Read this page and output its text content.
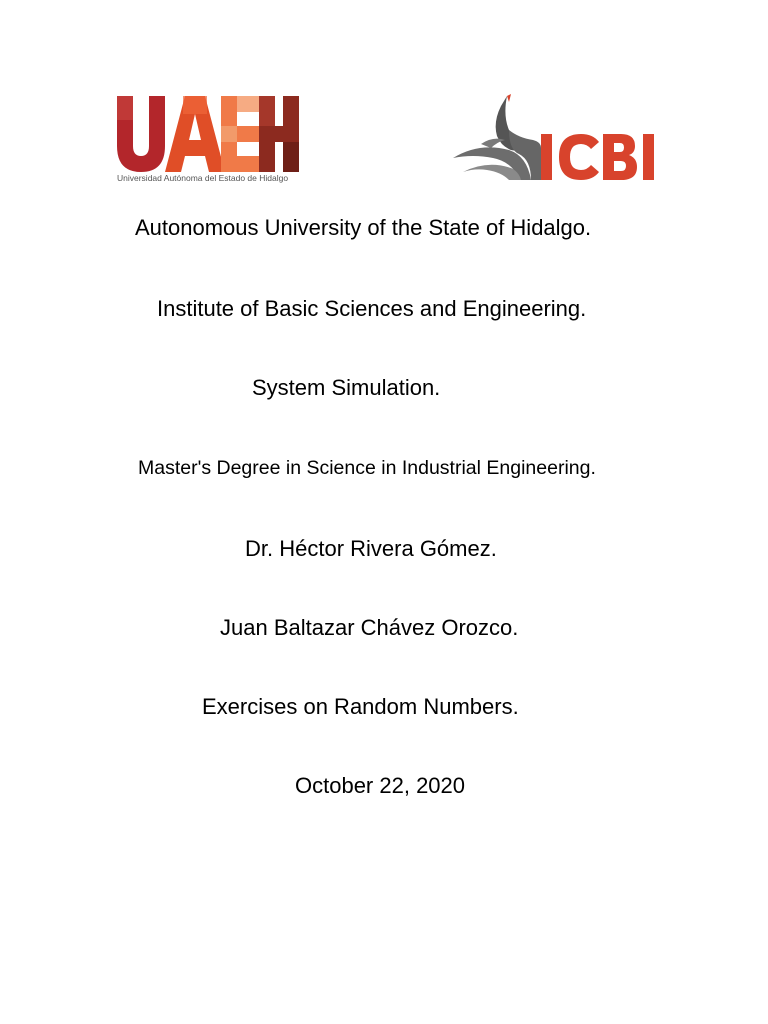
Universidad Autónoma del Estado de Hidalgo
Autonomous University of the State of Hidalgo.
Institute of Basic Sciences and Engineering.
System Simulation.
Master's Degree in Science in Industrial Engineering.
Dr. Héctor Rivera Gómez.
Juan Baltazar Chávez Orozco.
Exercises on Random Numbers.
October 22, 2020
